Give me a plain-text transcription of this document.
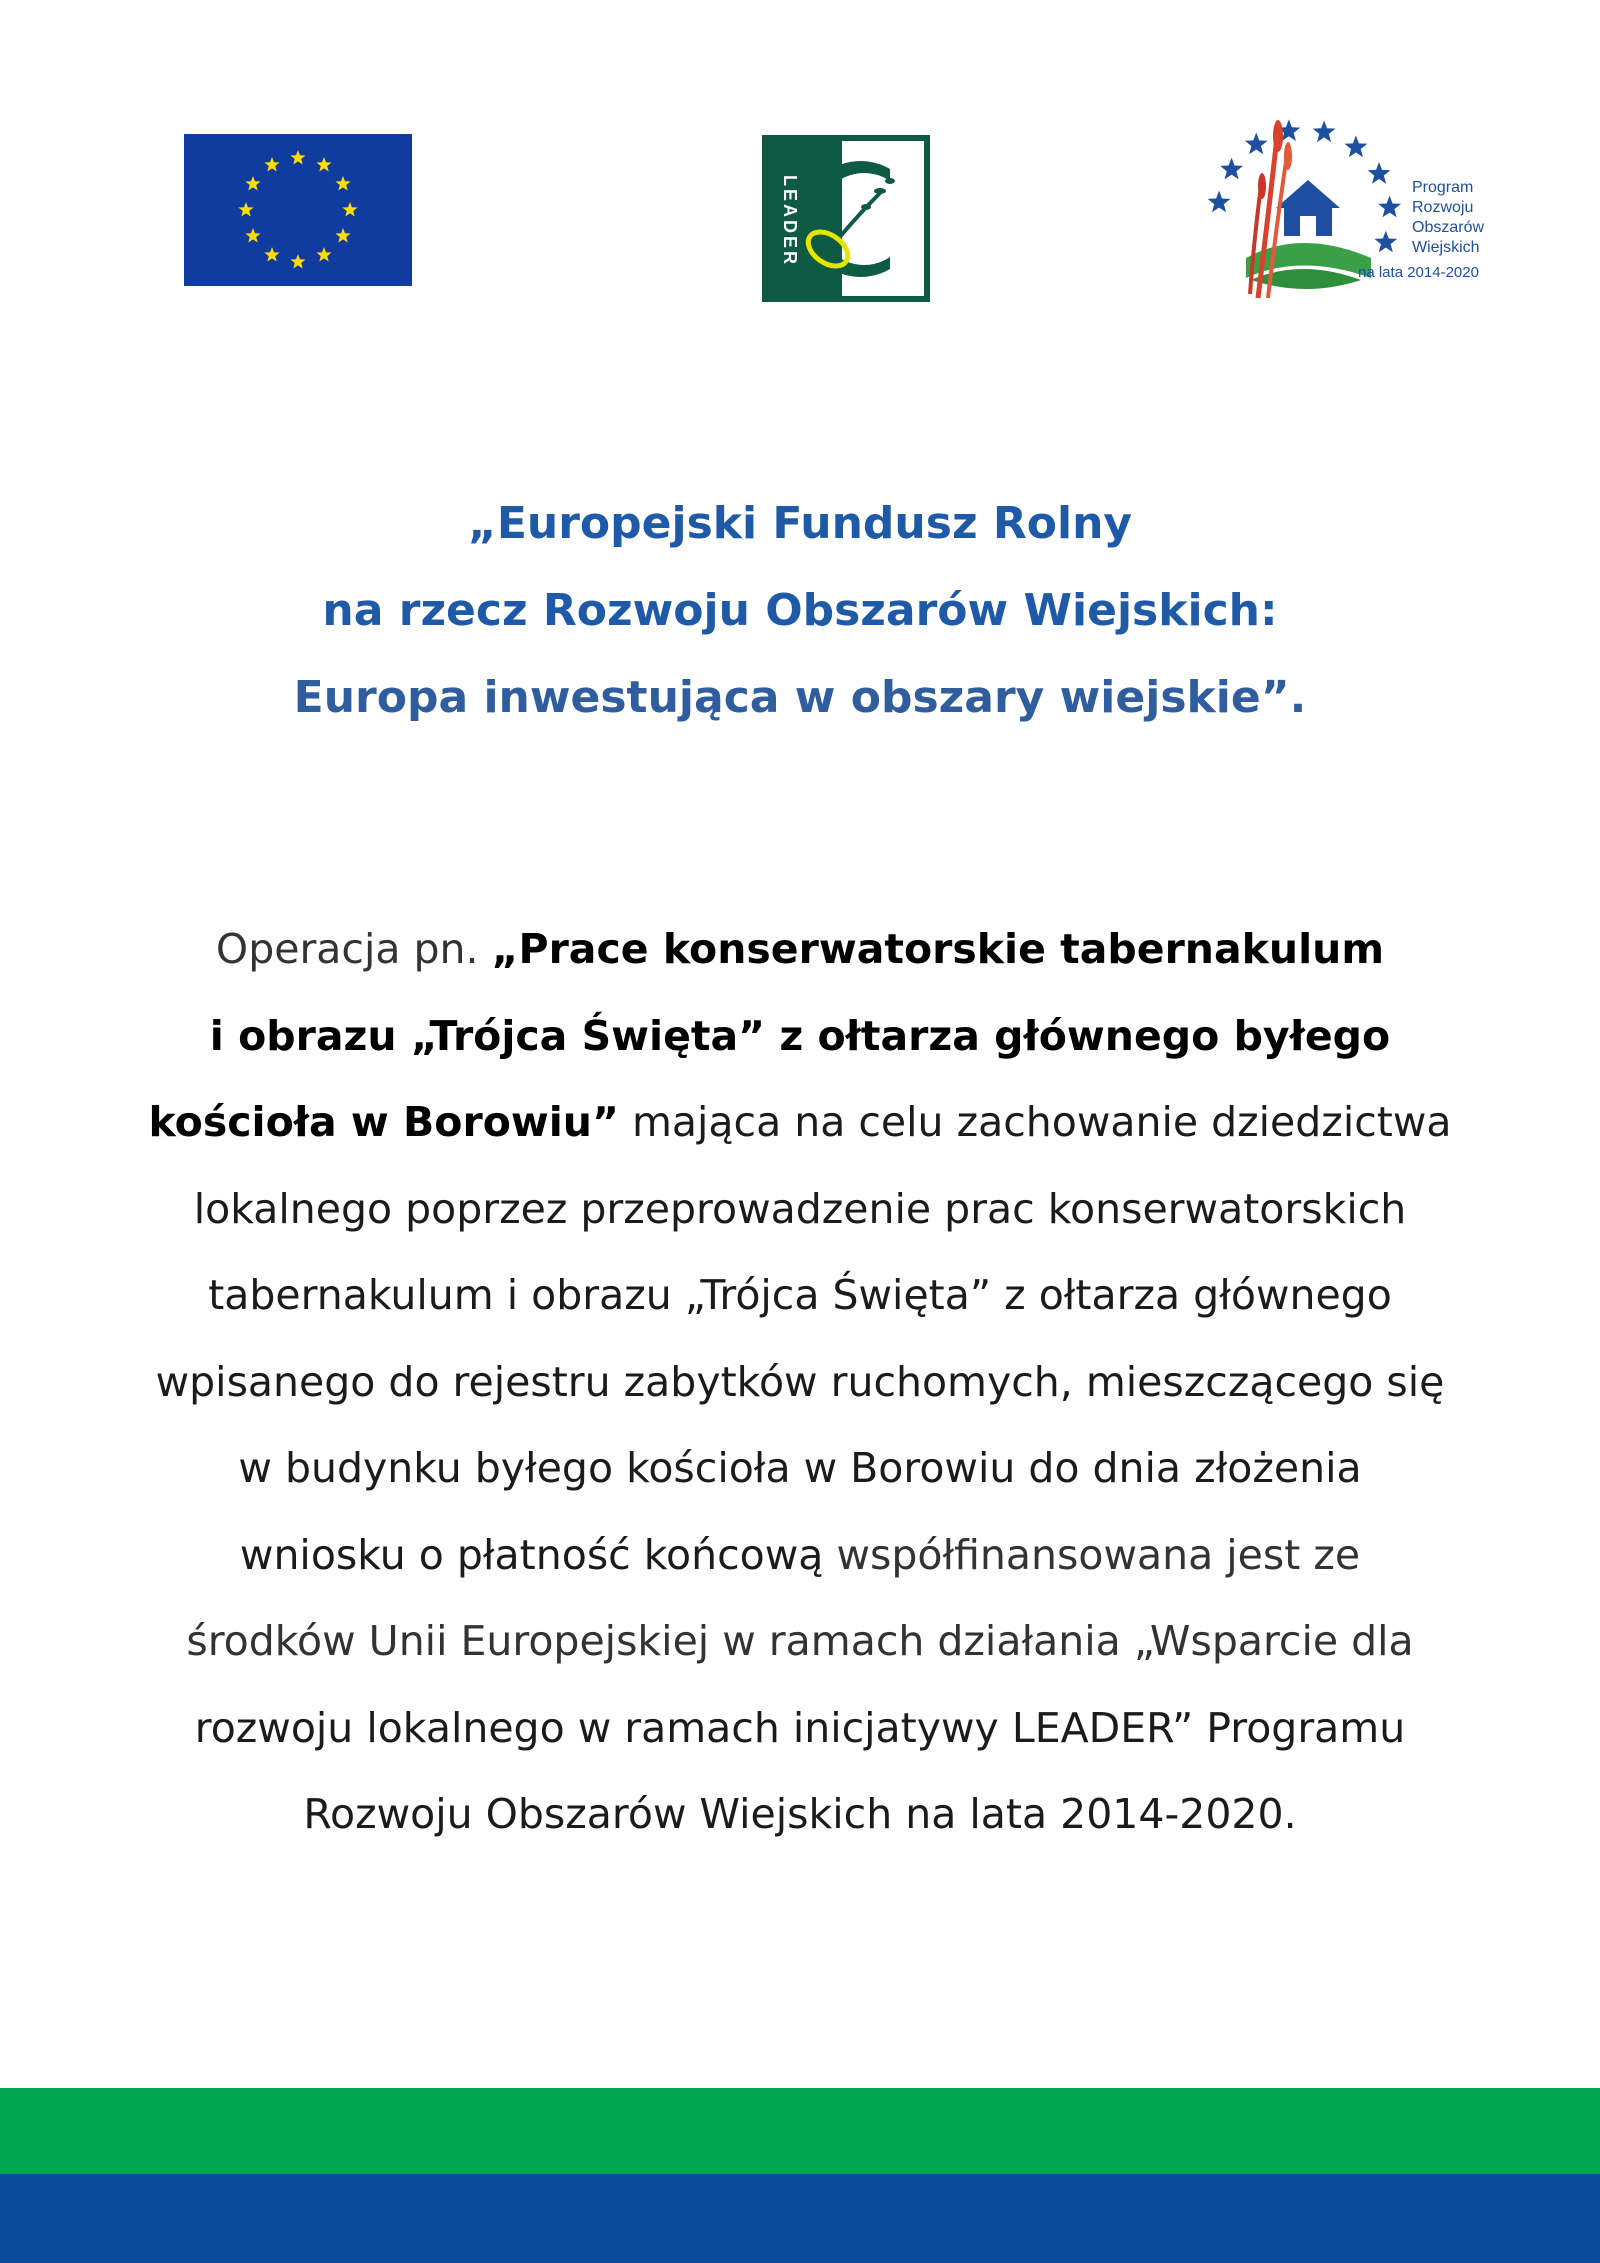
LEADER	Program
Rozwoju
Obszarów
Wiejskich
na lata 2014-2020
„Europejski Fundusz Rolny
na rzecz Rozwoju Obszarów Wiejskich:
Europa inwestująca w obszary wiejskie”.
Operacja pn. „Prace konserwatorskie tabernakulum
i obrazu „Trójca Święta” z ołtarza głównego byłego
kościoła w Borowiu” mająca na celu zachowanie dziedzictwa
lokalnego poprzez przeprowadzenie prac konserwatorskich
tabernakulum i obrazu „Trójca Święta” z ołtarza głównego
wpisanego do rejestru zabytków ruchomych, mieszczącego się
w budynku byłego kościoła w Borowiu do dnia złożenia
wniosku o płatność końcową współfinansowana jest ze
środków Unii Europejskiej w ramach działania „Wsparcie dla
rozwoju lokalnego w ramach inicjatywy LEADER” Programu
Rozwoju Obszarów Wiejskich na lata 2014-2020.
